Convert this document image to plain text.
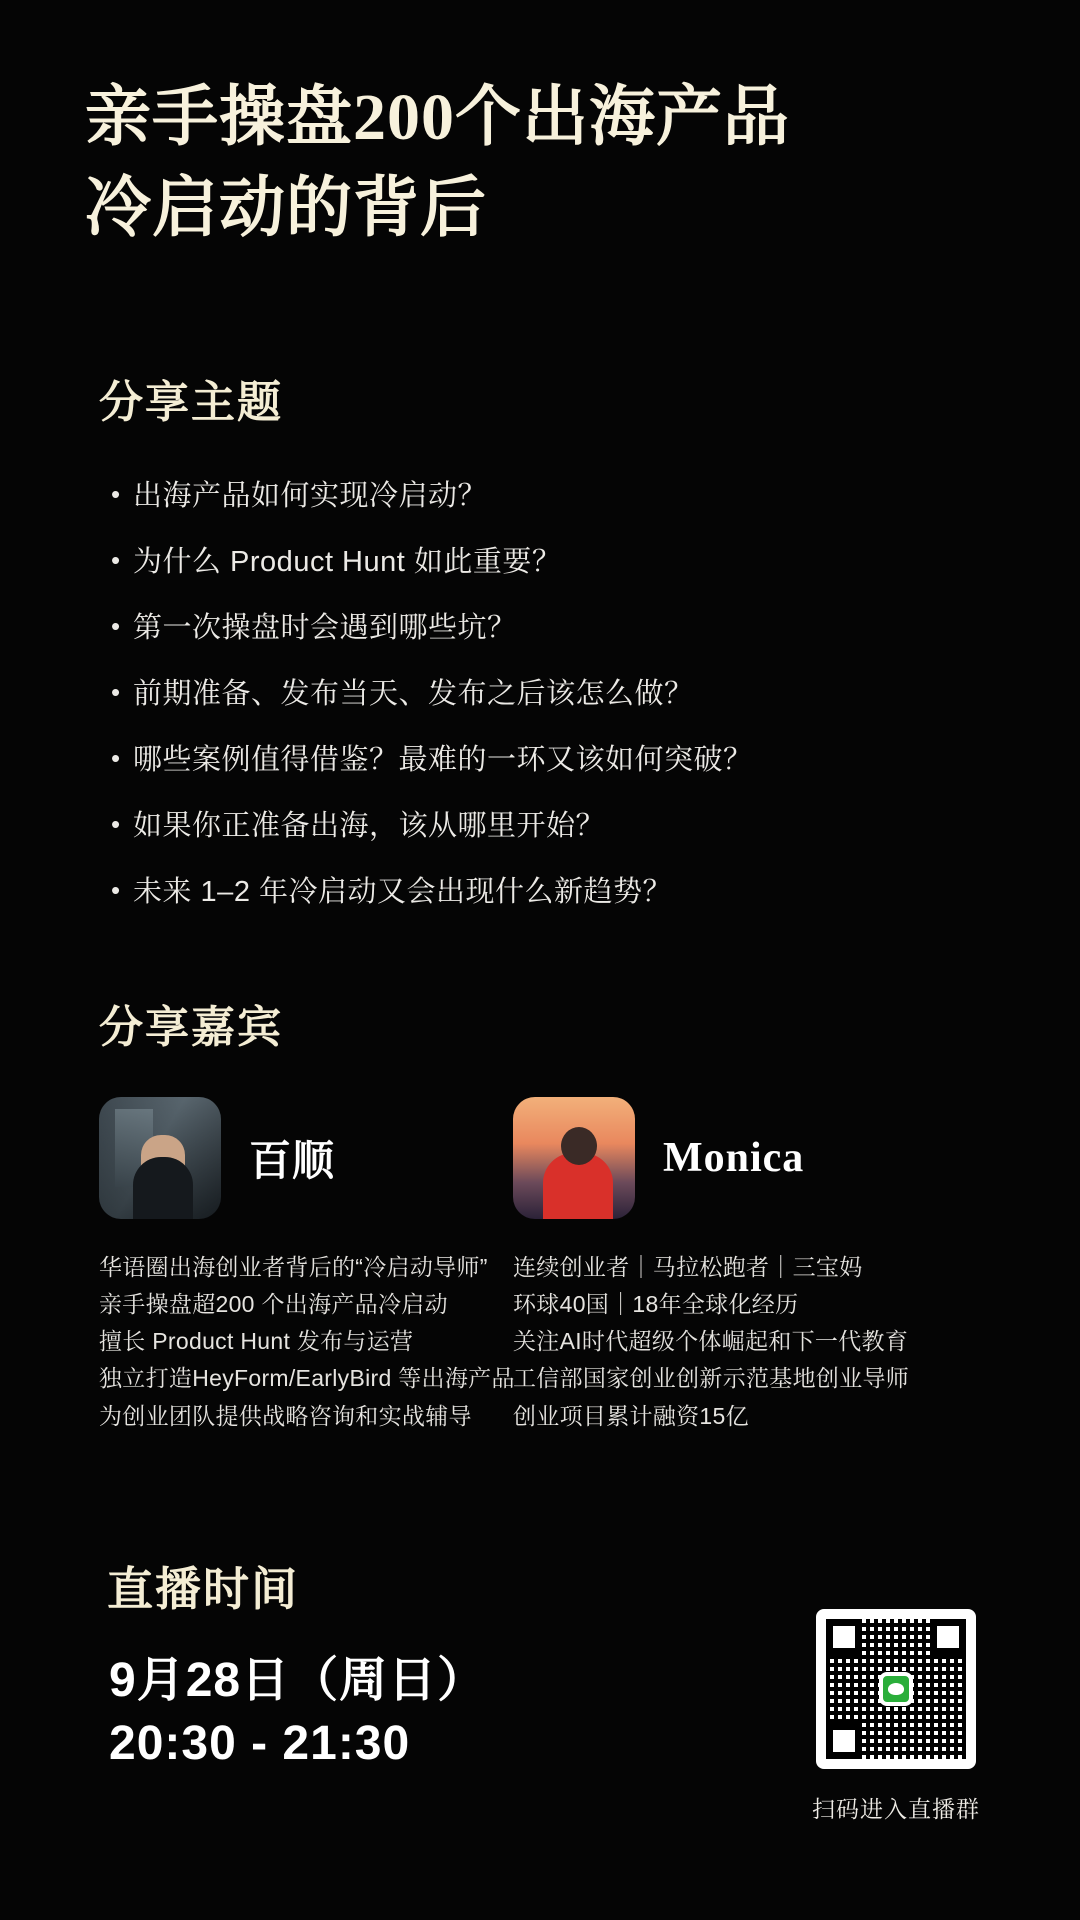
亲手操盘200个出海产品
冷启动的背后
分享主题
• 出海产品如何实现冷启动？
• 为什么 Product Hunt 如此重要？
• 第一次操盘时会遇到哪些坑？
• 前期准备、发布当天、发布之后该怎么做？
• 哪些案例值得借鉴？最难的一环又该如何突破？
• 如果你正准备出海，该从哪里开始？
• 未来 1–2 年冷启动又会出现什么新趋势？
分享嘉宾
百顺
华语圈出海创业者背后的“冷启动导师”
亲手操盘超200 个出海产品冷启动
擅长 Product Hunt 发布与运营
独立打造HeyForm/EarlyBird 等出海产品
为创业团队提供战略咨询和实战辅导
Monica
连续创业者｜马拉松跑者｜三宝妈
环球40国｜18年全球化经历
关注AI时代超级个体崛起和下一代教育
工信部国家创业创新示范基地创业导师
创业项目累计融资15亿
直播时间
9月28日（周日）
20:30 - 21:30
扫码进入直播群
